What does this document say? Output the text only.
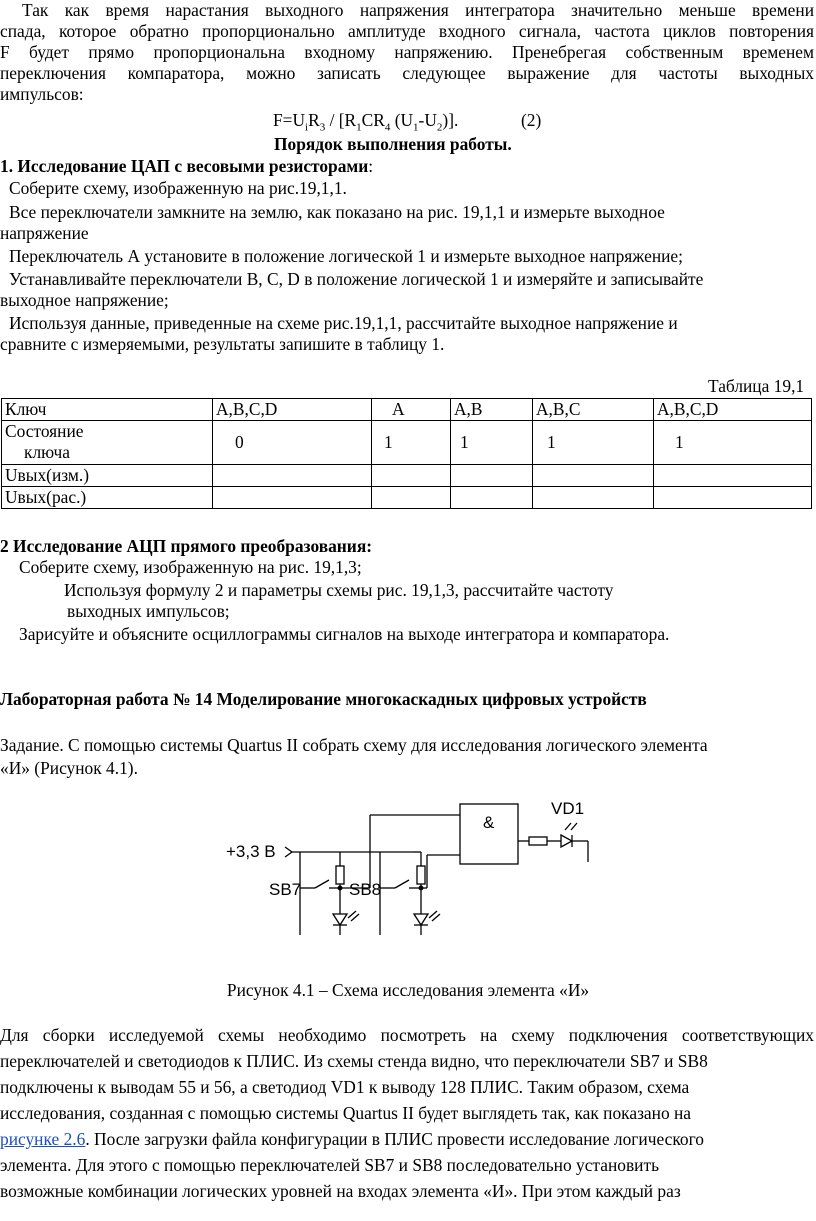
Так как время нарастания выходного напряжения интегратора значительно меньше времени
спада, которое обратно пропорционально амплитуде входного сигнала, частота циклов повторения
F будет прямо пропорциональна входному напряжению. Пренебрегая собственным временем
переключения компаратора, можно записать следующее выражение для частоты выходных
импульсов:
$F=U_iR_3 / [R_1CR_4$ $(U_1-U_2)$].	(2)
Порядок выполнения работы.
1. Исследование ЦАП с весовыми резисторами:
Соберите схему, изображенную на рис.19,1,1.
Все переключатели замкните на землю, как показано на рис. 19,1,1 и измерьте выходное
напряжение
Переключатель А установите в положение логической 1 и измерьте выходное напряжение;
Устанавливайте переключатели В, С, D в положение логической 1 и измеряйте и записывайте
выходное напряжение;
Используя данные, приведенные на схеме рис.19,1,1, рассчитайте выходное напряжение и
сравните с измеряемыми, результаты запишите в таблицу 1.
Таблица 19,1
Ключ	A,B,C,D	A	A,B	A,B,C	A,B,C,D

Состояние
ключа	0	1	1	1	1
Uвых(изм.)					
Uвых(рас.)					
2 Исследование АЦП прямого преобразования:
Соберите схему, изображенную на рис. 19,1,3;
Используя формулу 2 и параметры схемы рис. 19,1,3, рассчитайте частоту
выходных импульсов;
Зарисуйте и объясните осциллограммы сигналов на выходе интегратора и компаратора.
Лабораторная работа № 14 Моделирование многокаскадных цифровых устройств
Задание. С помощью системы Quartus II собрать схему для исследования логического элемента
«И» (Рисунок 4.1).
+3,3 В
&
VD1
SB7	SB8
Рисунок 4.1 – Схема исследования элемента «И»
Для сборки исследуемой схемы необходимо посмотреть на схему подключения соответствующих
переключателей и светодиодов к ПЛИС. Из схемы стенда видно, что переключатели SB7 и SB8
подключены к выводам 55 и 56, а светодиод VD1 к выводу 128 ПЛИС. Таким образом, схема
исследования, созданная с помощью системы Quartus II будет выглядеть так, как показано на
рисунке 2.6. После загрузки файла конфигурации в ПЛИС провести исследование логического
элемента. Для этого с помощью переключателей SB7 и SB8 последовательно установить
возможные комбинации логических уровней на входах элемента «И». При этом каждый раз
